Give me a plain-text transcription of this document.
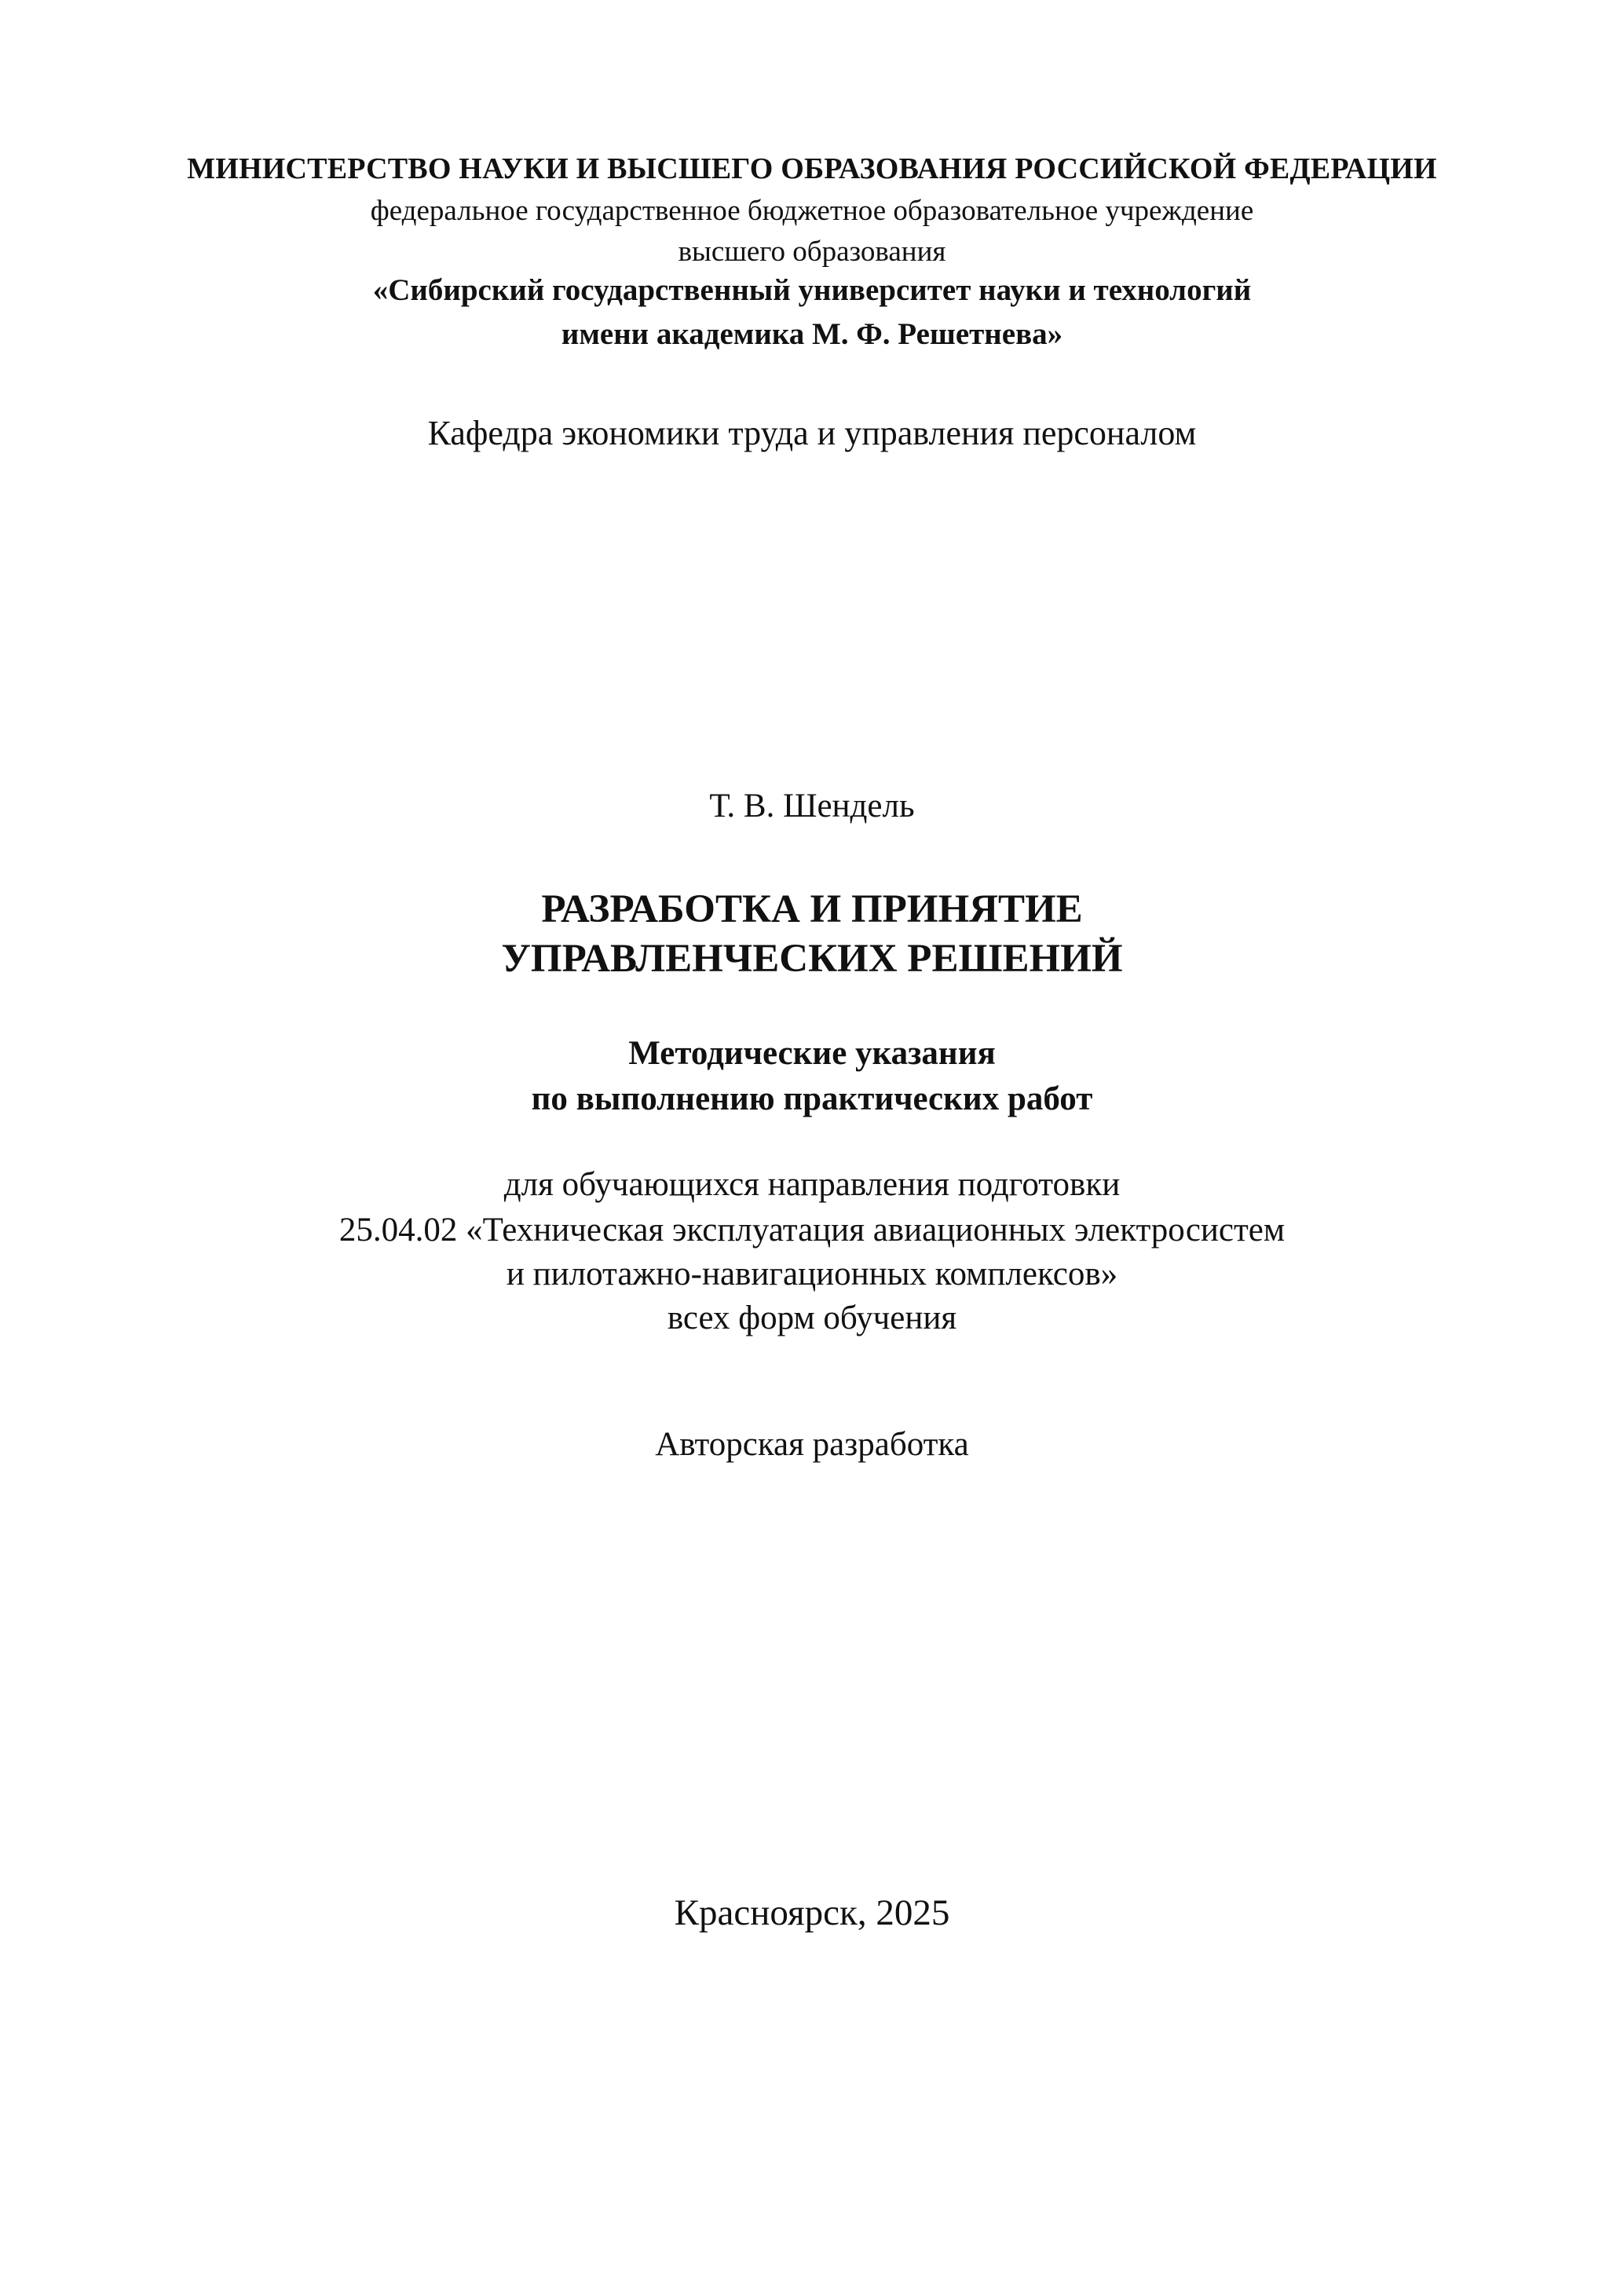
МИНИСТЕРСТВО НАУКИ И ВЫСШЕГО ОБРАЗОВАНИЯ РОССИЙСКОЙ ФЕДЕРАЦИИ
федеральное государственное бюджетное образовательное учреждение
высшего образования
«Сибирский государственный университет науки и технологий
имени академика М. Ф. Решетнева»
Кафедра экономики труда и управления персоналом
Т. В. Шендель
РАЗРАБОТКА И ПРИНЯТИЕ
УПРАВЛЕНЧЕСКИХ РЕШЕНИЙ
Методические указания
по выполнению практических работ
для обучающихся направления подготовки
25.04.02 «Техническая эксплуатация авиационных электросистем
и пилотажно-навигационных комплексов»
всех форм обучения
Авторская разработка
Красноярск, 2025
